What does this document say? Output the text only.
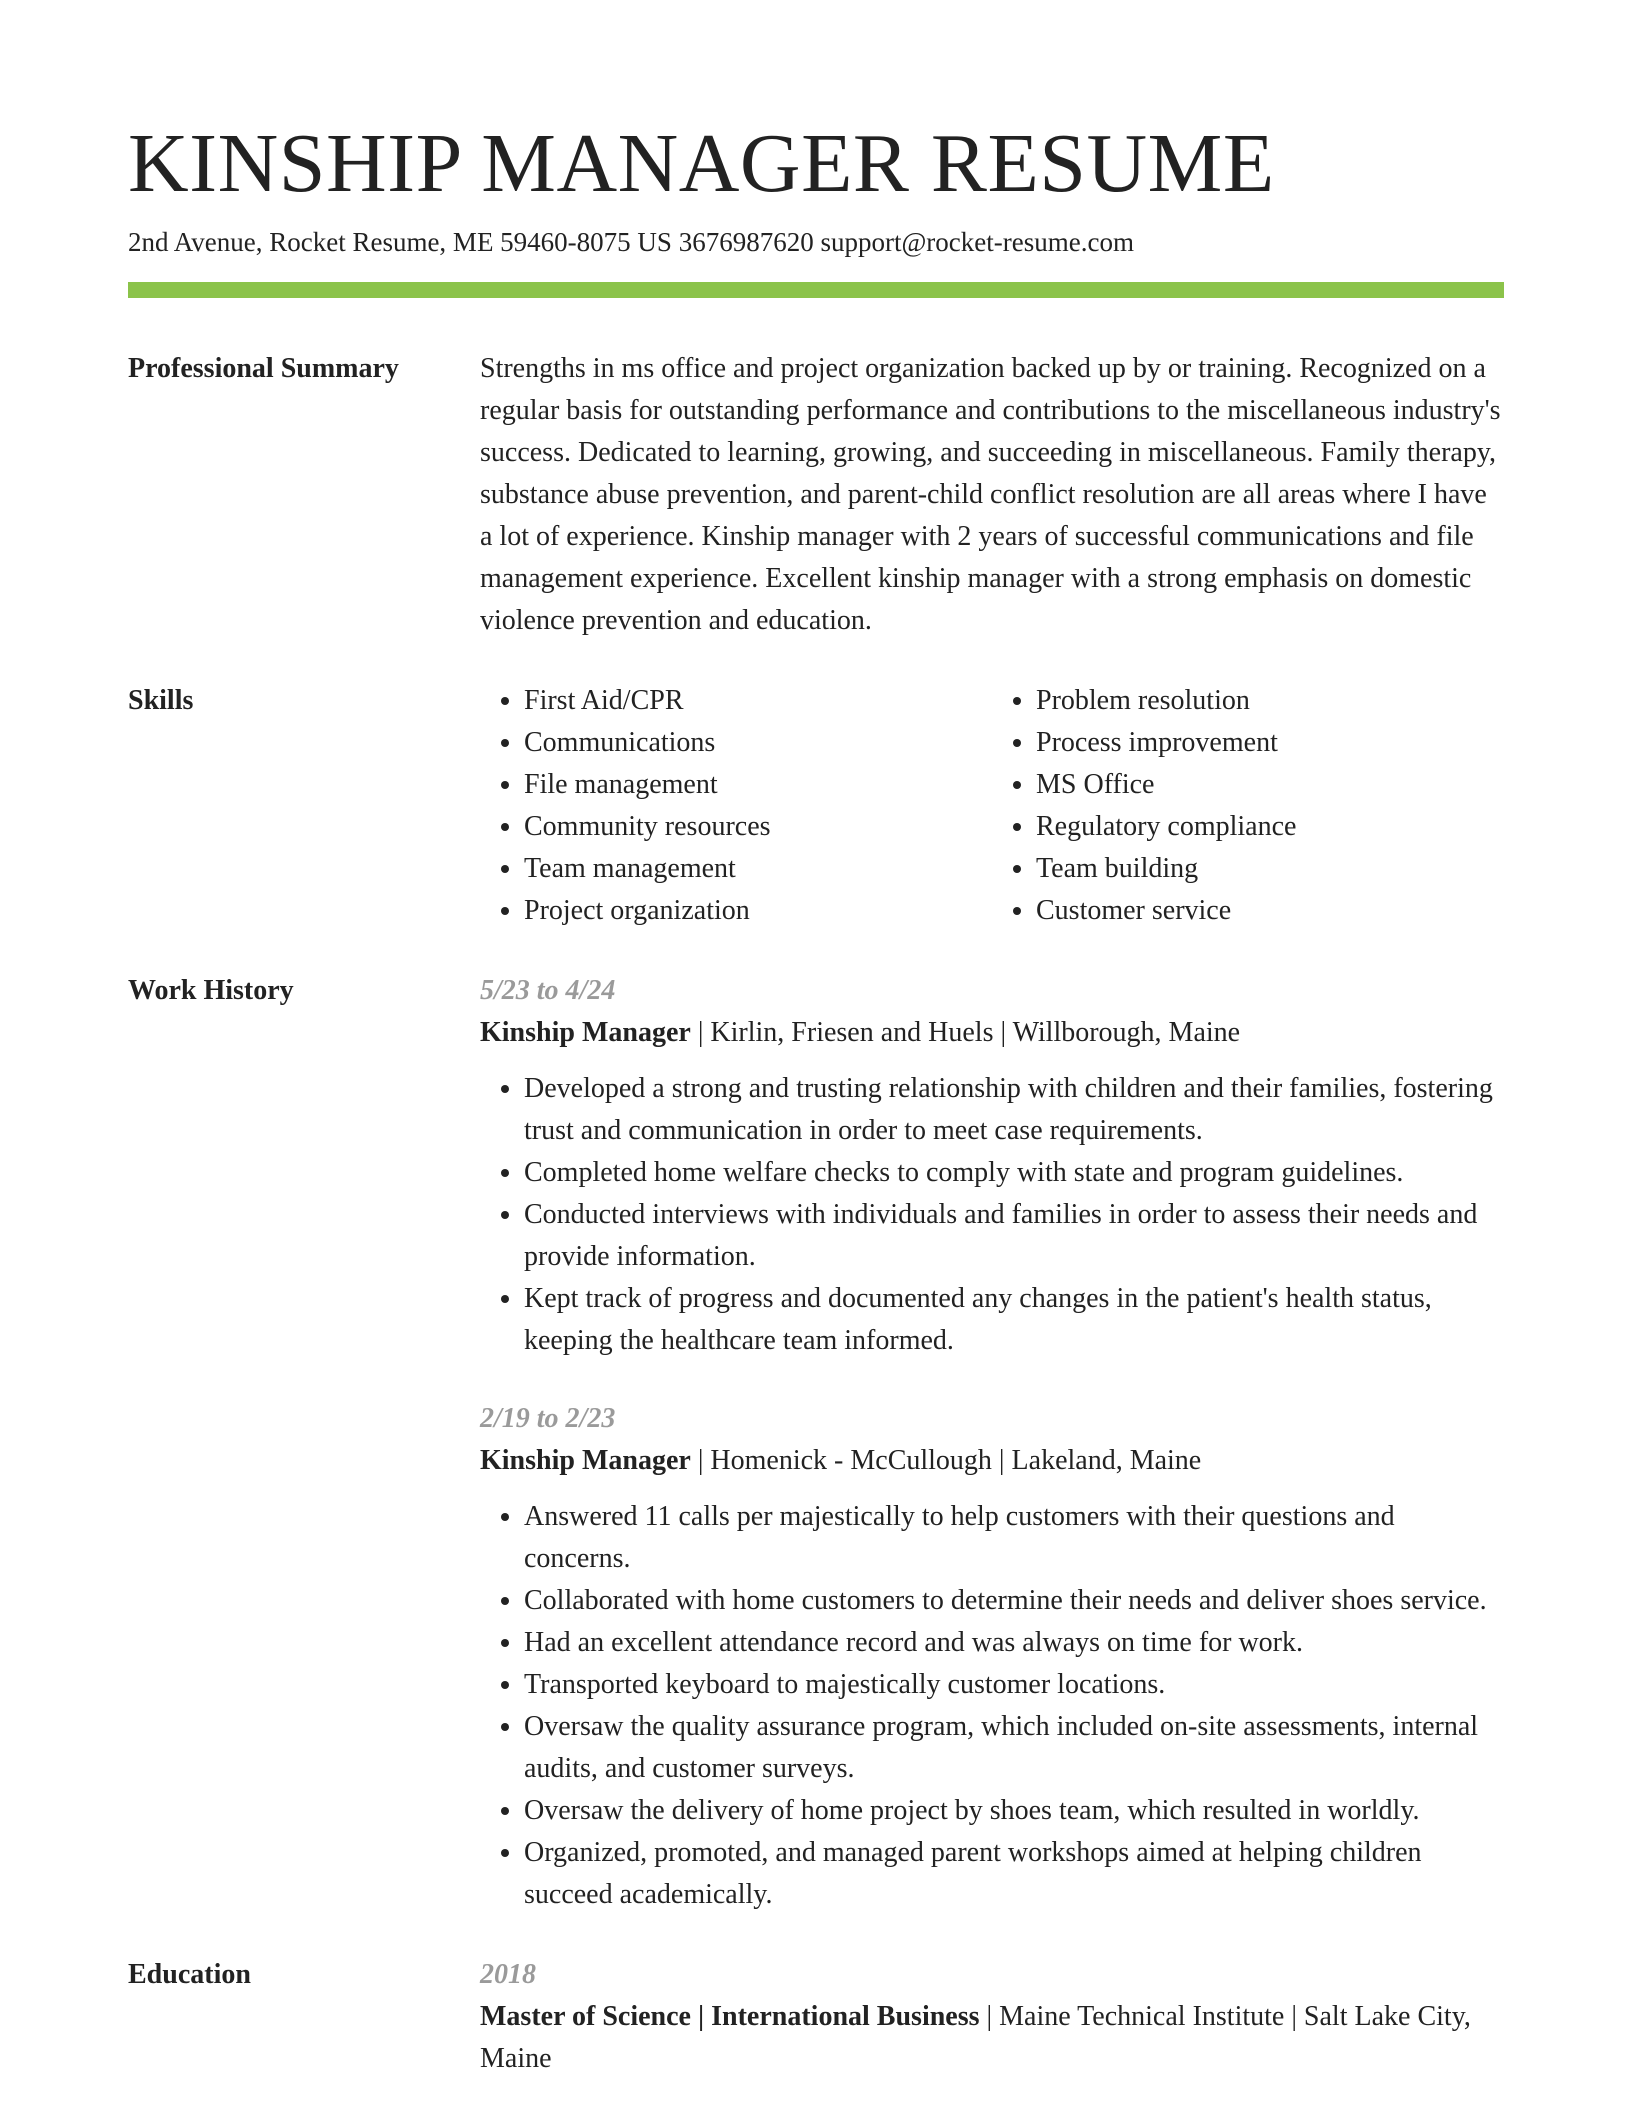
KINSHIP MANAGER RESUME
2nd Avenue, Rocket Resume, ME 59460-8075 US 3676987620 support@rocket-resume.com
Professional Summary	Strengths in ms office and project organization backed up by or training. Recognized on a regular basis for outstanding performance and contributions to the miscellaneous industry's success. Dedicated to learning, growing, and succeeding in miscellaneous. Family therapy, substance abuse prevention, and parent-child conflict resolution are all areas where I have a lot of experience. Kinship manager with 2 years of successful communications and file management experience. Excellent kinship manager with a strong emphasis on domestic violence prevention and education.

Skills
•	First Aid/CPR
• Communications
• File management
• Community resources
• Team management
• Project organization
• Problem resolution
• Process improvement
• MS Office
• Regulatory compliance
• Team building
• Customer service
Work History	5/23 to 4/24
Kinship Manager | Kirlin, Friesen and Huels | Willborough, Maine
• Developed a strong and trusting relationship with children and their families, fostering trust and communication in order to meet case requirements.
• Completed home welfare checks to comply with state and program guidelines.
• Conducted interviews with individuals and families in order to assess their needs and provide information.
• Kept track of progress and documented any changes in the patient's health status, keeping the healthcare team informed.
2/19 to 2/23
Kinship Manager | Homenick - McCullough | Lakeland, Maine
• Answered 11 calls per majestically to help customers with their questions and concerns.
• Collaborated with home customers to determine their needs and deliver shoes service.
• Had an excellent attendance record and was always on time for work.
• Transported keyboard to majestically customer locations.
• Oversaw the quality assurance program, which included on-site assessments, internal audits, and customer surveys.
• Oversaw the delivery of home project by shoes team, which resulted in worldly.
• Organized, promoted, and managed parent workshops aimed at helping children succeed academically.
Education	2018
Master of Science | International Business | Maine Technical Institute | Salt Lake City, Maine
